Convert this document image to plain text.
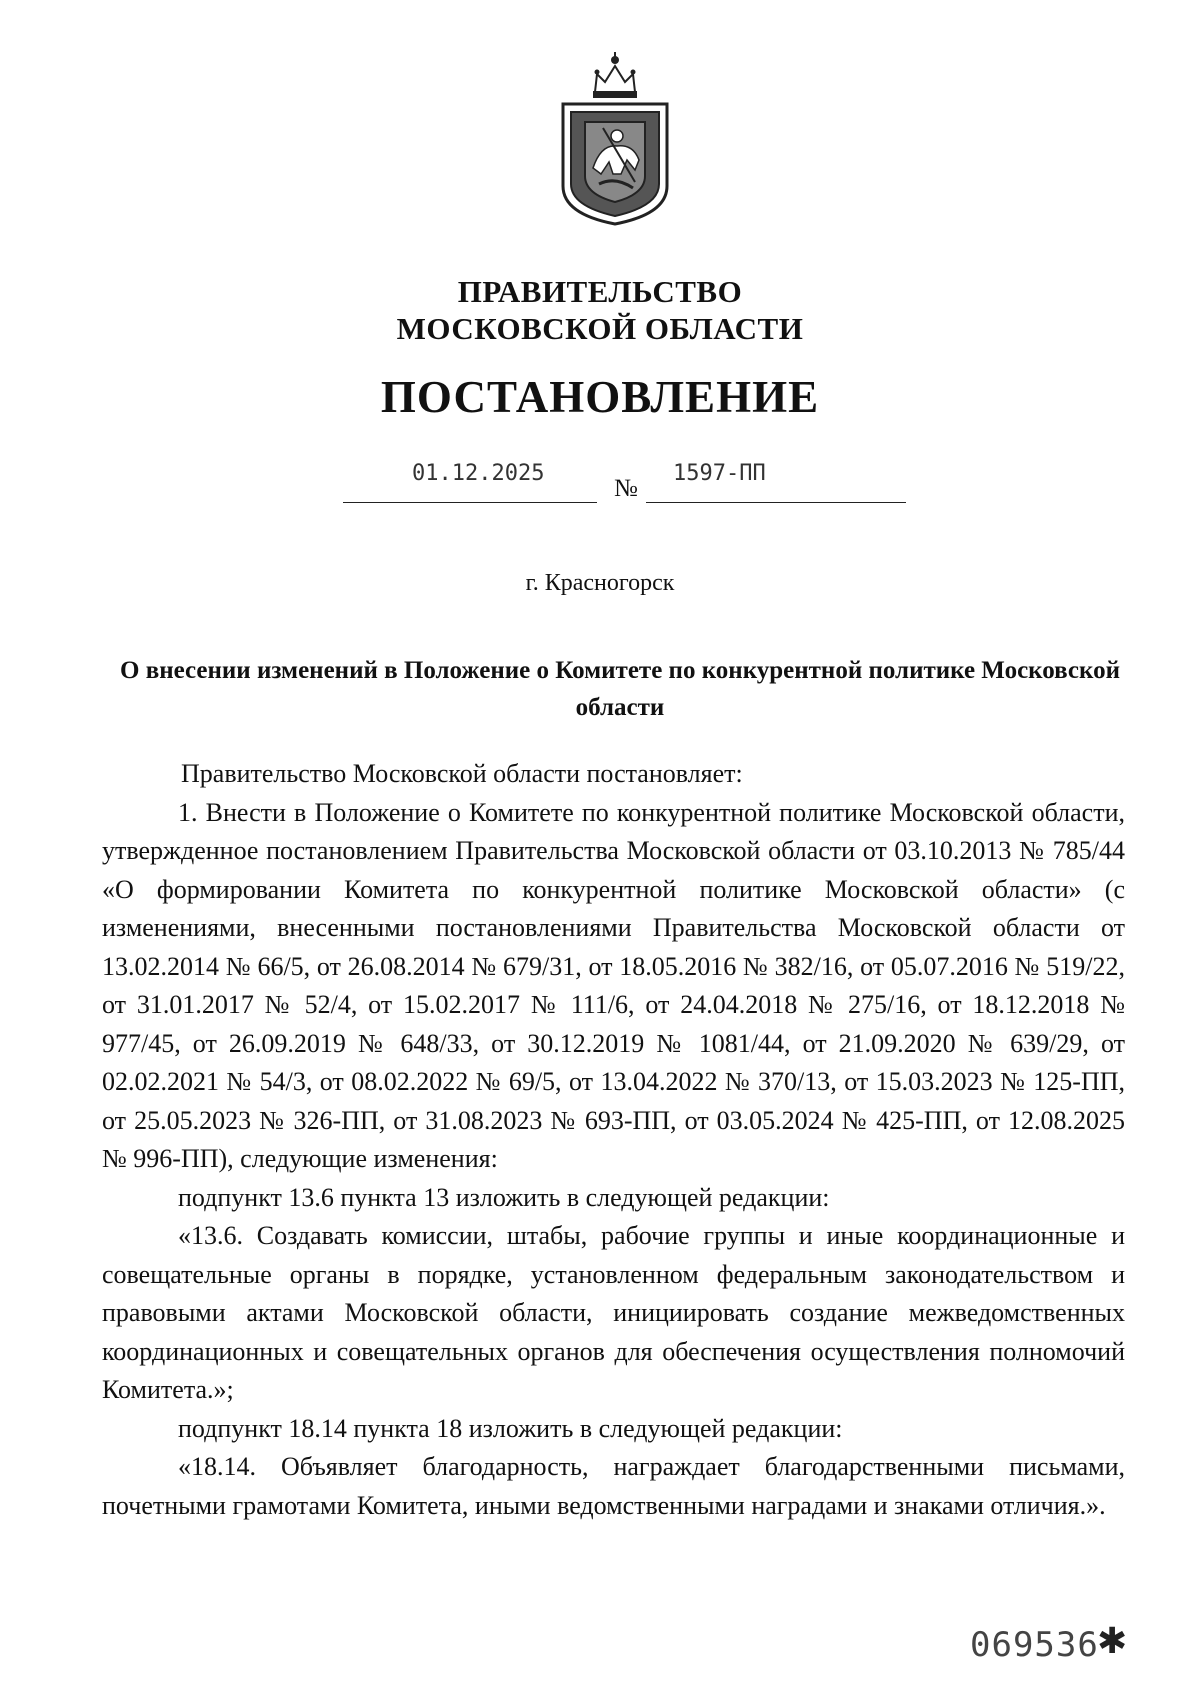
ПРАВИТЕЛЬСТВО
МОСКОВСКОЙ ОБЛАСТИ
ПОСТАНОВЛЕНИЕ
01.12.2025
№
1597-ПП
г. Красногорск
О внесении изменений в Положение о Комитете по конкурентной политике Московской области

Правительство Московской области постановляет:

1. Внести в Положение о Комитете по конкурентной политике Московской области, утвержденное постановлением Правительства Московской области от 03.10.2013 № 785/44 «О формировании Комитета по конкурентной политике Московской области» (с изменениями, внесенными постановлениями Правительства Московской области от 13.02.2014 № 66/5, от 26.08.2014 № 679/31, от 18.05.2016 № 382/16, от 05.07.2016 № 519/22, от 31.01.2017 № 52/4, от 15.02.2017 № 111/6, от 24.04.2018 № 275/16, от 18.12.2018 № 977/45, от 26.09.2019 № 648/33, от 30.12.2019 № 1081/44, от 21.09.2020 № 639/29, от 02.02.2021 № 54/3, от 08.02.2022 № 69/5, от 13.04.2022 № 370/13, от 15.03.2023 № 125-ПП, от 25.05.2023 № 326-ПП, от 31.08.2023 № 693-ПП, от 03.05.2024 № 425-ПП, от 12.08.2025 № 996-ПП), следующие изменения:

подпункт 13.6 пункта 13 изложить в следующей редакции:

«13.6. Создавать комиссии, штабы, рабочие группы и иные координационные и совещательные органы в порядке, установленном федеральным законодательством и правовыми актами Московской области, инициировать создание межведомственных координационных и совещательных органов для обеспечения осуществления полномочий Комитета.»;

подпункт 18.14 пункта 18 изложить в следующей редакции:

«18.14. Объявляет благодарность, награждает благодарственными письмами, почетными грамотами Комитета, иными ведомственными наградами и знаками отличия.».

069536
✱
